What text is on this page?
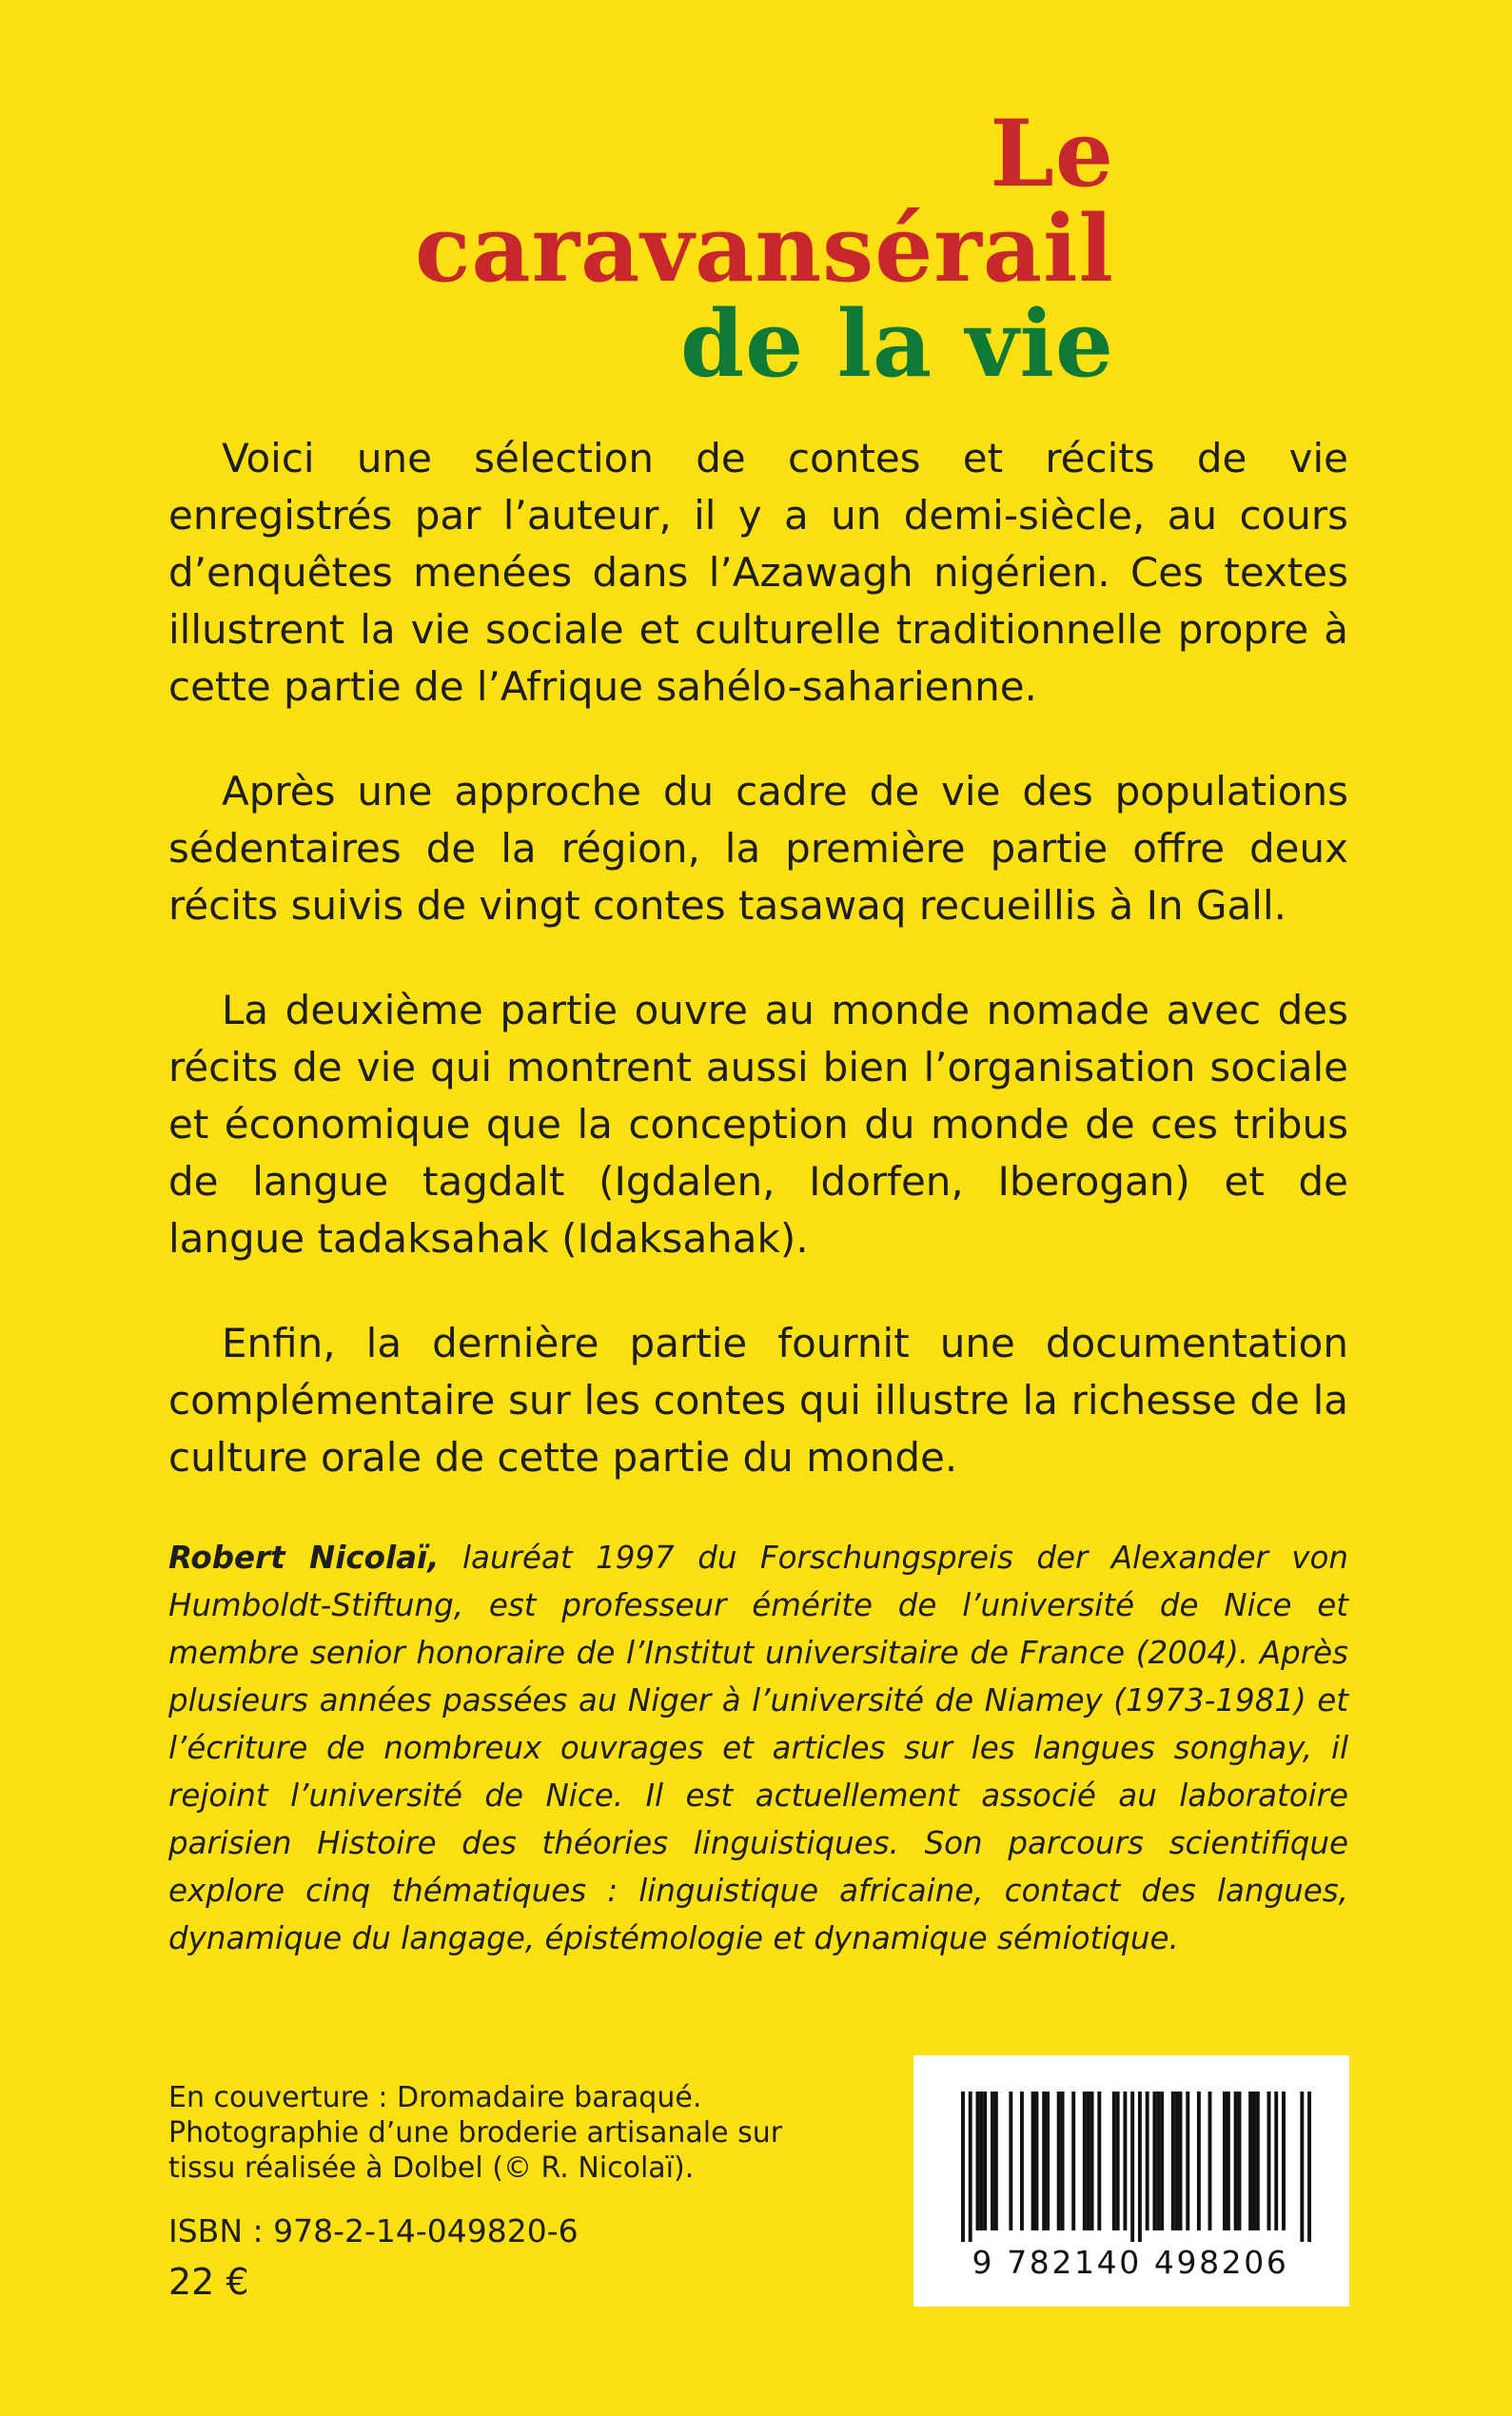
Le
caravansérail
de la vie

Voici une sélection de contes et récits de vie enregistrés par l’auteur, il y a un demi-siècle, au cours d’enquêtes menées dans l’Azawagh nigérien. Ces textes illustrent la vie sociale et culturelle traditionnelle propre à cette partie de l’Afrique sahélo-saharienne.

Après une approche du cadre de vie des populations sédentaires de la région, la première partie offre deux récits suivis de vingt contes tasawaq recueillis à In Gall.

La deuxième partie ouvre au monde nomade avec des récits de vie qui montrent aussi bien l’organisation sociale et économique que la conception du monde de ces tribus de langue tagdalt (Igdalen, Idorfen, Iberogan) et de langue tadaksahak (Idaksahak).

Enfin, la dernière partie fournit une documentation complémentaire sur les contes qui illustre la richesse de la culture orale de cette partie du monde.

Robert Nicolaï, lauréat 1997 du Forschungspreis der Alexander von Humboldt-Stiftung, est professeur émérite de l’université de Nice et membre senior honoraire de l’Institut universitaire de France (2004). Après plusieurs années passées au Niger à l’université de Niamey (1973-1981) et l’écriture de nombreux ouvrages et articles sur les langues songhay, il rejoint l’université de Nice. Il est actuellement associé au laboratoire parisien Histoire des théories linguistiques. Son parcours scientifique explore cinq thématiques : linguistique africaine, contact des langues, dynamique du langage, épistémologie et dynamique sémiotique.

En couverture : Dromadaire baraqué. Photographie d’une broderie artisanale sur tissu réalisée à Dolbel (© R. Nicolaï).

ISBN : 978-2-14-049820-6
22 €	9 782140 498206
